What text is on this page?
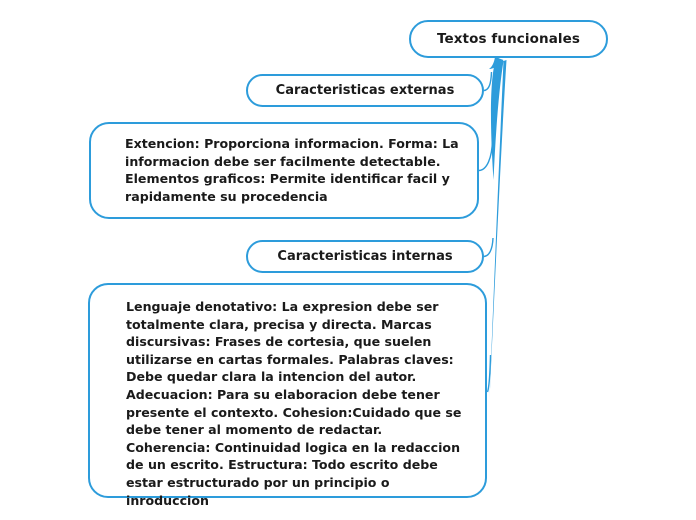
Textos funcionales
Caracteristicas externas
Extencion: Proporciona informacion. Forma: La informacion debe ser facilmente detectable. Elementos graficos: Permite identificar facil y rapidamente su procedencia
Caracteristicas internas
Lenguaje denotativo: La expresion debe ser totalmente clara, precisa y directa. Marcas discursivas: Frases de cortesia, que suelen utilizarse en cartas formales. Palabras claves: Debe quedar clara la intencion del autor. Adecuacion: Para su elaboracion debe tener presente el contexto. Cohesion:Cuidado que se debe tener al momento de redactar. Coherencia: Continuidad logica en la redaccion de un escrito. Estructura: Todo escrito debe estar estructurado por un principio o inroduccion
